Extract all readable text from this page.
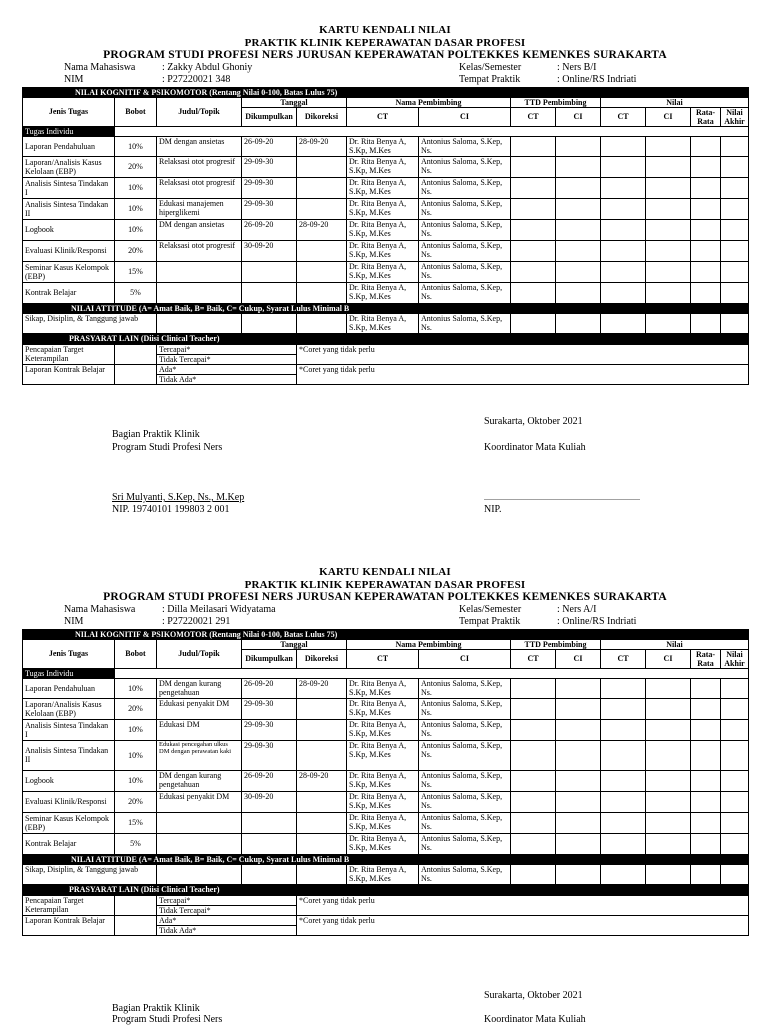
KARTU KENDALI NILAI
PRAKTIK KLINIK KEPERAWATAN DASAR PROFESI
PROGRAM STUDI PROFESI NERS JURUSAN KEPERAWATAN POLTEKKES KEMENKES SURAKARTA
Nama Mahasiswa	: Zakky Abdul Ghoniy
NIM	: P27220021 348
Kelas/Semester	: Ners B/I
Tempat Praktik	: Online/RS Indriati
NILAI KOGNITIF & PSIKOMOTOR (Rentang Nilai 0-100, Batas Lulus 75)												
Jenis Tugas	Bobot	Judul/Topik	Tanggal		Nama Pembimbing		TTD Pembimbing		Nilai			
			Dikumpulkan	Dikoreksi	CT	CI	CT	CI	CT	CI	Rata-Rata	Nilai Akhir
Tugas Individu												
Laporan Pendahuluan	10%	DM dengan ansietas	26-09-20	28-09-20	Dr. Rita Benya A, S.Kp, M.Kes	Antonius Saloma, S.Kep, Ns.						
Laporan/Analisis Kasus Kelolaan (EBP)	20%	Relaksasi otot progresif	29-09-30		Dr. Rita Benya A, S.Kp, M.Kes	Antonius Saloma, S.Kep, Ns.						
Analisis Sintesa Tindakan I	10%	Relaksasi otot progresif	29-09-30		Dr. Rita Benya A, S.Kp, M.Kes	Antonius Saloma, S.Kep, Ns.						
Analisis Sintesa Tindakan II	10%	Edukasi manajemen hiperglikemi	29-09-30		Dr. Rita Benya A, S.Kp, M.Kes	Antonius Saloma, S.Kep, Ns.						
Logbook	10%	DM dengan ansietas	26-09-20	28-09-20	Dr. Rita Benya A, S.Kp, M.Kes	Antonius Saloma, S.Kep, Ns.						
Evaluasi Klinik/Responsi	20%	Relaksasi otot progresif	30-09-20		Dr. Rita Benya A, S.Kp, M.Kes	Antonius Saloma, S.Kep, Ns.						
Seminar Kasus Kelompok (EBP)	15%				Dr. Rita Benya A, S.Kp, M.Kes	Antonius Saloma, S.Kep, Ns.						
Kontrak Belajar	5%				Dr. Rita Benya A, S.Kp, M.Kes	Antonius Saloma, S.Kep, Ns.						
NILAI ATTITUDE (A= Amat Baik, B= Baik, C= Cukup, Syarat Lulus Minimal B												
Sikap, Disiplin, & Tanggung jawab					Dr. Rita Benya A, S.Kp, M.Kes	Antonius Saloma, S.Kep, Ns.						
PRASYARAT LAIN (Diisi Clinical Teacher)												
Pencapaian Target Keterampilan		Tercapai*	*Coret yang tidak perlu
		Tidak Tercapai*	
Laporan Kontrak Belajar		Ada*	*Coret yang tidak perlu
		Tidak Ada*	
Surakarta, Oktober 2021
Bagian Praktik Klinik
Program Studi Profesi Ners	Koordinator Mata Kuliah
Sri Mulyanti, S.Kep, Ns., M.Kep
NIP. 19740101 199803 2 001
..............................................................................
NIP.
KARTU KENDALI NILAI
PRAKTIK KLINIK KEPERAWATAN DASAR PROFESI
PROGRAM STUDI PROFESI NERS JURUSAN KEPERAWATAN POLTEKKES KEMENKES SURAKARTA
Nama Mahasiswa	: Dilla Meilasari Widyatama
NIM	: P27220021 291
Kelas/Semester	: Ners A/I
Tempat Praktik	: Online/RS Indriati
NILAI KOGNITIF & PSIKOMOTOR (Rentang Nilai 0-100, Batas Lulus 75)												
Jenis Tugas	Bobot	Judul/Topik	Tanggal		Nama Pembimbing		TTD Pembimbing		Nilai			
			Dikumpulkan	Dikoreksi	CT	CI	CT	CI	CT	CI	Rata-Rata	Nilai Akhir
Tugas Individu												
Laporan Pendahuluan	10%	DM dengan kurang pengetahuan	26-09-20	28-09-20	Dr. Rita Benya A, S.Kp, M.Kes	Antonius Saloma, S.Kep, Ns.						
Laporan/Analisis Kasus Kelolaan (EBP)	20%	Edukasi penyakit DM	29-09-30		Dr. Rita Benya A, S.Kp, M.Kes	Antonius Saloma, S.Kep, Ns.						
Analisis Sintesa Tindakan I	10%	Edukasi DM	29-09-30		Dr. Rita Benya A, S.Kp, M.Kes	Antonius Saloma, S.Kep, Ns.						
Analisis Sintesa Tindakan II	10%	Edukasi pencegahan ulkus DM dengan perawatan kaki	29-09-30		Dr. Rita Benya A, S.Kp, M.Kes	Antonius Saloma, S.Kep, Ns.						
Logbook	10%	DM dengan kurang pengetahuan	26-09-20	28-09-20	Dr. Rita Benya A, S.Kp, M.Kes	Antonius Saloma, S.Kep, Ns.						
Evaluasi Klinik/Responsi	20%	Edukasi penyakit DM	30-09-20		Dr. Rita Benya A, S.Kp, M.Kes	Antonius Saloma, S.Kep, Ns.						
Seminar Kasus Kelompok (EBP)	15%				Dr. Rita Benya A, S.Kp, M.Kes	Antonius Saloma, S.Kep, Ns.						
Kontrak Belajar	5%				Dr. Rita Benya A, S.Kp, M.Kes	Antonius Saloma, S.Kep, Ns.						
NILAI ATTITUDE (A= Amat Baik, B= Baik, C= Cukup, Syarat Lulus Minimal B												
Sikap, Disiplin, & Tanggung jawab					Dr. Rita Benya A, S.Kp, M.Kes	Antonius Saloma, S.Kep, Ns.						
PRASYARAT LAIN (Diisi Clinical Teacher)												
Pencapaian Target Keterampilan		Tercapai*	*Coret yang tidak perlu
		Tidak Tercapai*	
Laporan Kontrak Belajar		Ada*	*Coret yang tidak perlu
		Tidak Ada*	
Surakarta, Oktober 2021
Bagian Praktik Klinik
Program Studi Profesi Ners	Koordinator Mata Kuliah
